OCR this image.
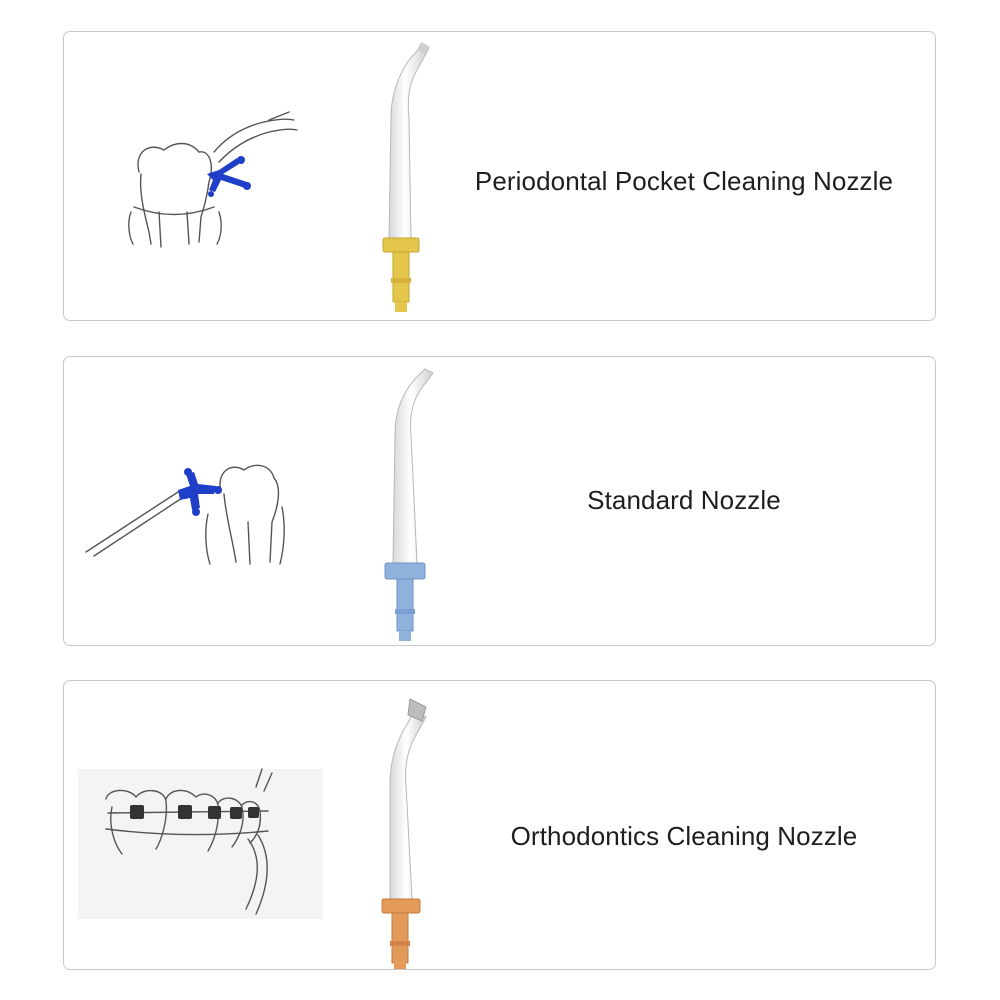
Periodontal Pocket Cleaning Nozzle
Standard Nozzle
Orthodontics Cleaning Nozzle
